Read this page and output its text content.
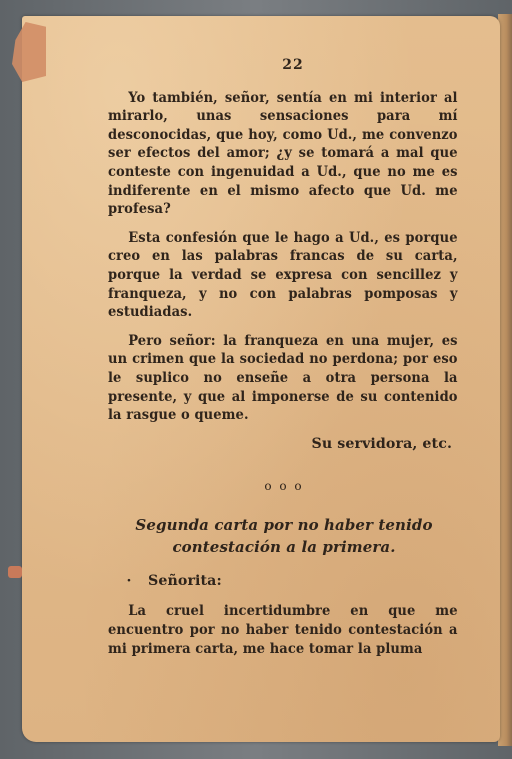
22

Yo también, señor, sentía en mi interior al mirarlo, unas sensaciones para mí desconocidas, que hoy, como Ud., me convenzo ser efectos del amor; ¿y se tomará a mal que conteste con ingenuidad a Ud., que no me es indiferente en el mismo afecto que Ud. me profesa?

Esta confesión que le hago a Ud., es porque creo en las palabras francas de su carta, porque la verdad se expresa con sencillez y franqueza, y no con palabras pomposas y estudiadas.

Pero señor: la franqueza en una mujer, es un crimen que la sociedad no perdona; por eso le suplico no enseñe a otra persona la presente, y que al imponerse de su contenido la rasgue o queme.

Su servidora, etc.
o o o
Segunda carta por no haber tenido
contestación a la primera.
· Señorita:

La cruel incertidumbre en que me encuentro por no haber tenido contestación a mi primera carta, me hace tomar la pluma
